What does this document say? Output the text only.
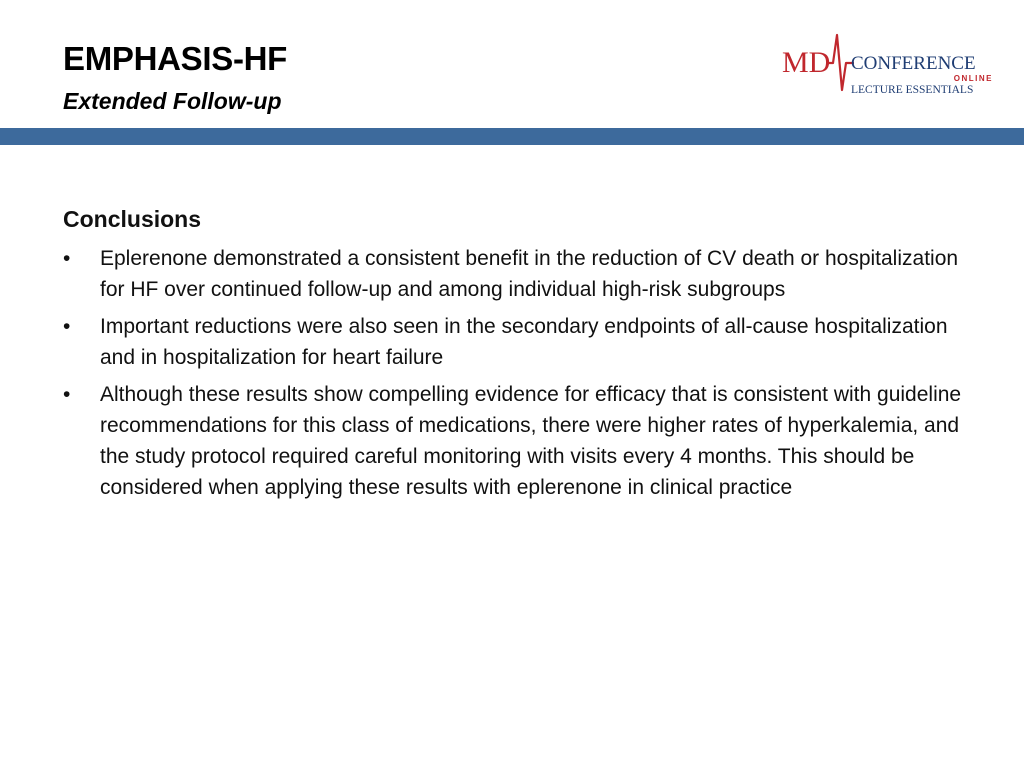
EMPHASIS-HF
Extended Follow-up
MD CONFERENCE
ONLINE
LECTURE ESSENTIALS
Conclusions
• Eplerenone demonstrated a consistent benefit in the reduction of CV death or hospitalization for HF over continued follow-up and among individual high-risk subgroups
• Important reductions were also seen in the secondary endpoints of all-cause hospitalization and in hospitalization for heart failure
• Although these results show compelling evidence for efficacy that is consistent with guideline recommendations for this class of medications, there were higher rates of hyperkalemia, and the study protocol required careful monitoring with visits every 4 months. This should be considered when applying these results with eplerenone in clinical practice
